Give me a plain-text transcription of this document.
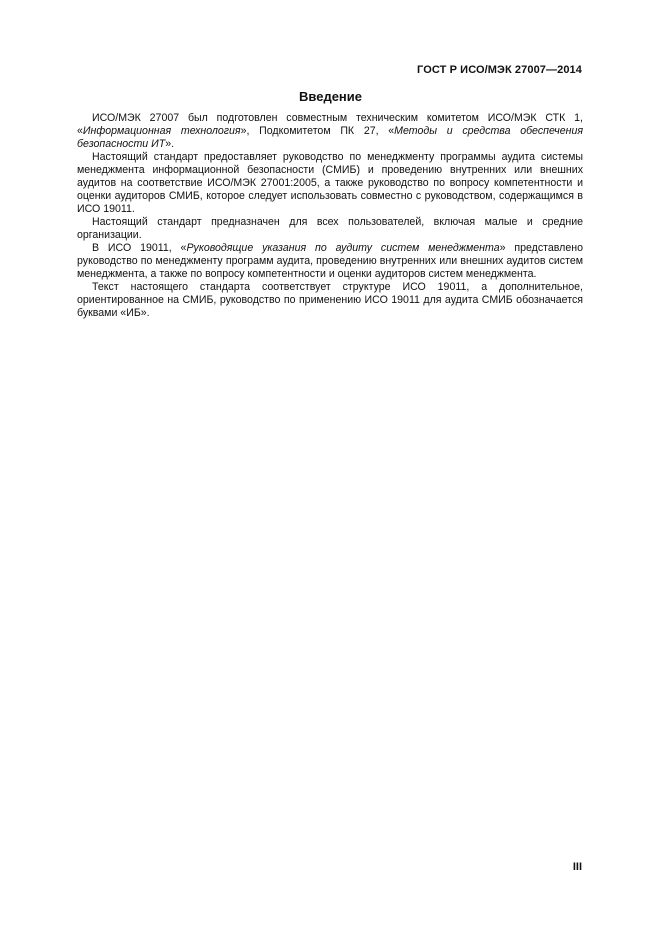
ГОСТ Р ИСО/МЭК 27007—2014
Введение

ИСО/МЭК 27007 был подготовлен совместным техническим комитетом ИСО/МЭК СТК 1, «Информационная технология», Подкомитетом ПК 27, «Методы и средства обеспечения безопасности ИТ».

Настоящий стандарт предоставляет руководство по менеджменту программы аудита системы менеджмента информационной безопасности (СМИБ) и проведению внутренних или внешних аудитов на соответствие ИСО/МЭК 27001:2005, а также руководство по вопросу компетентности и оценки аудиторов СМИБ, которое следует использовать совместно с руководством, содержащимся в ИСО 19011.

Настоящий стандарт предназначен для всех пользователей, включая малые и средние организации.

В ИСО 19011, «Руководящие указания по аудиту систем менеджмента» представлено руководство по менеджменту программ аудита, проведению внутренних или внешних аудитов систем менеджмента, а также по вопросу компетентности и оценки аудиторов систем менеджмента.

Текст настоящего стандарта соответствует структуре ИСО 19011, а дополнительное, ориентированное на СМИБ, руководство по применению ИСО 19011 для аудита СМИБ обозначается буквами «ИБ».

III
